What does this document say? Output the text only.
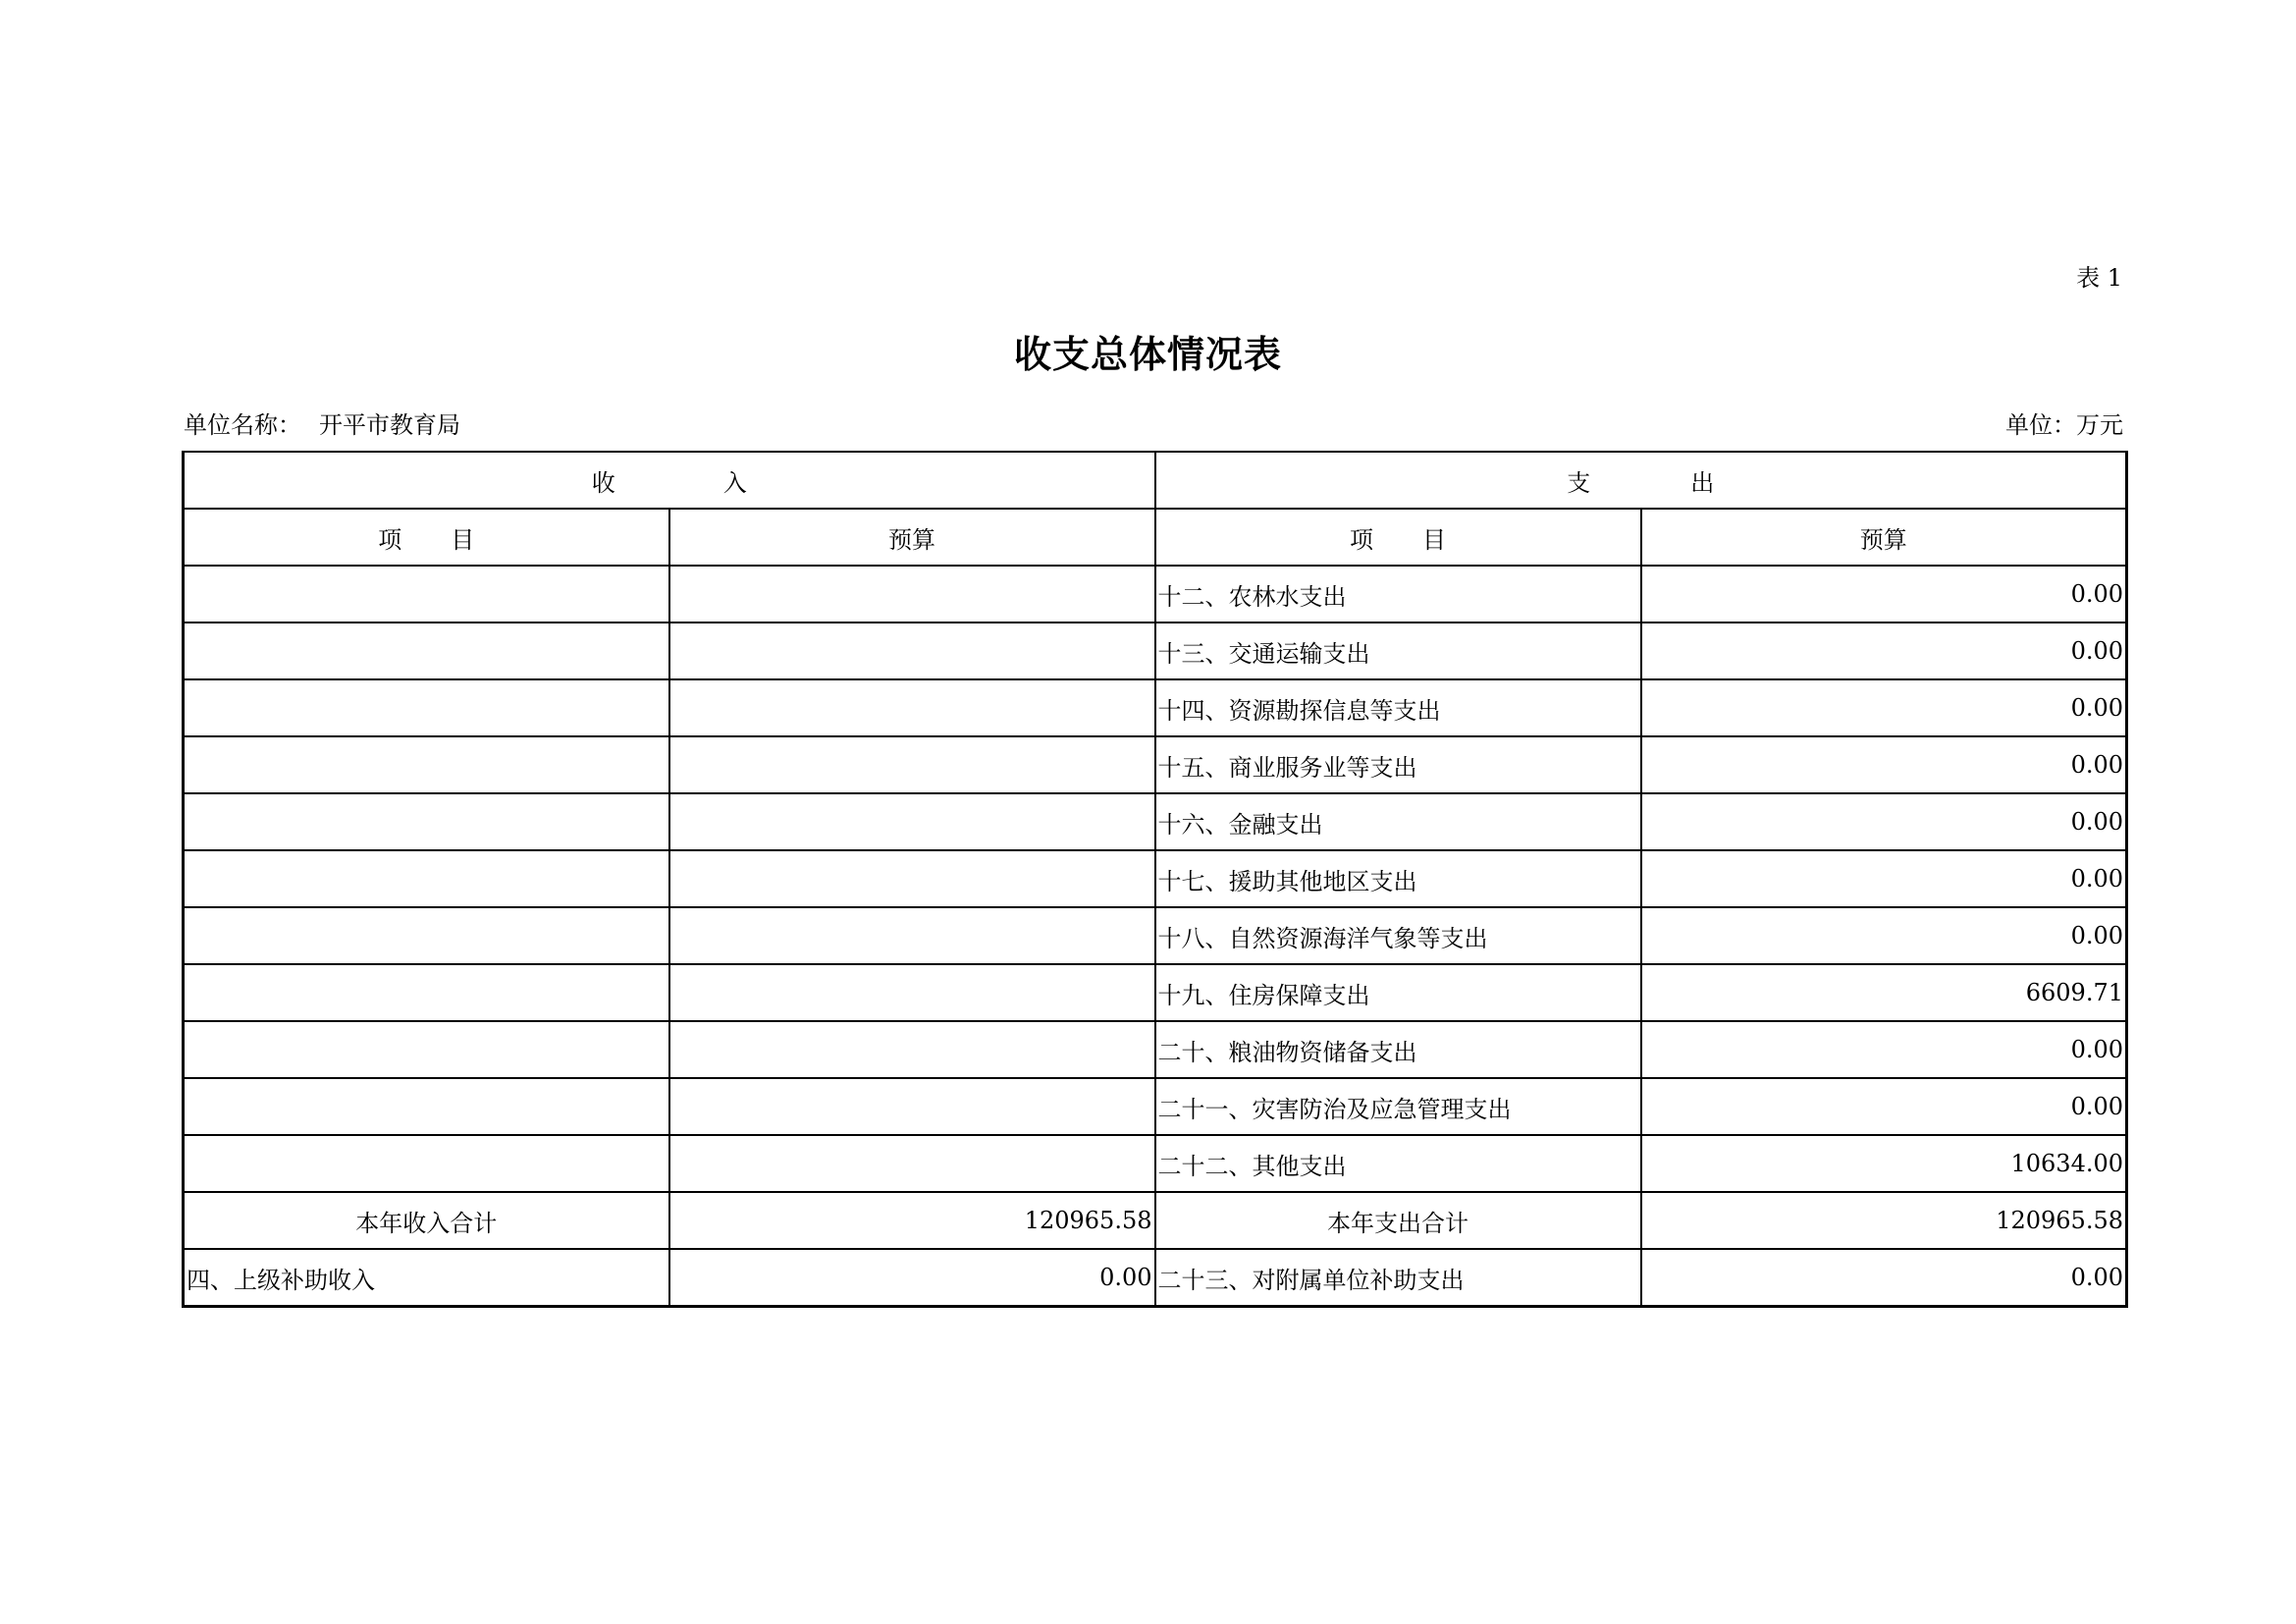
表 1
收支总体情况表
单位名称： 开平市教育局	单位：万元
收 入		支 出	
项 目	预算	项 目	预算
		十二、农林水支出	0.00
		十三、交通运输支出	0.00
		十四、资源勘探信息等支出	0.00
		十五、商业服务业等支出	0.00
		十六、金融支出	0.00
		十七、援助其他地区支出	0.00
		十八、自然资源海洋气象等支出	0.00
		十九、住房保障支出	6609.71
		二十、粮油物资储备支出	0.00
		二十一、灾害防治及应急管理支出	0.00
		二十二、其他支出	10634.00
本年收入合计	120965.58	本年支出合计	120965.58
四、上级补助收入	0.00	二十三、对附属单位补助支出	0.00
